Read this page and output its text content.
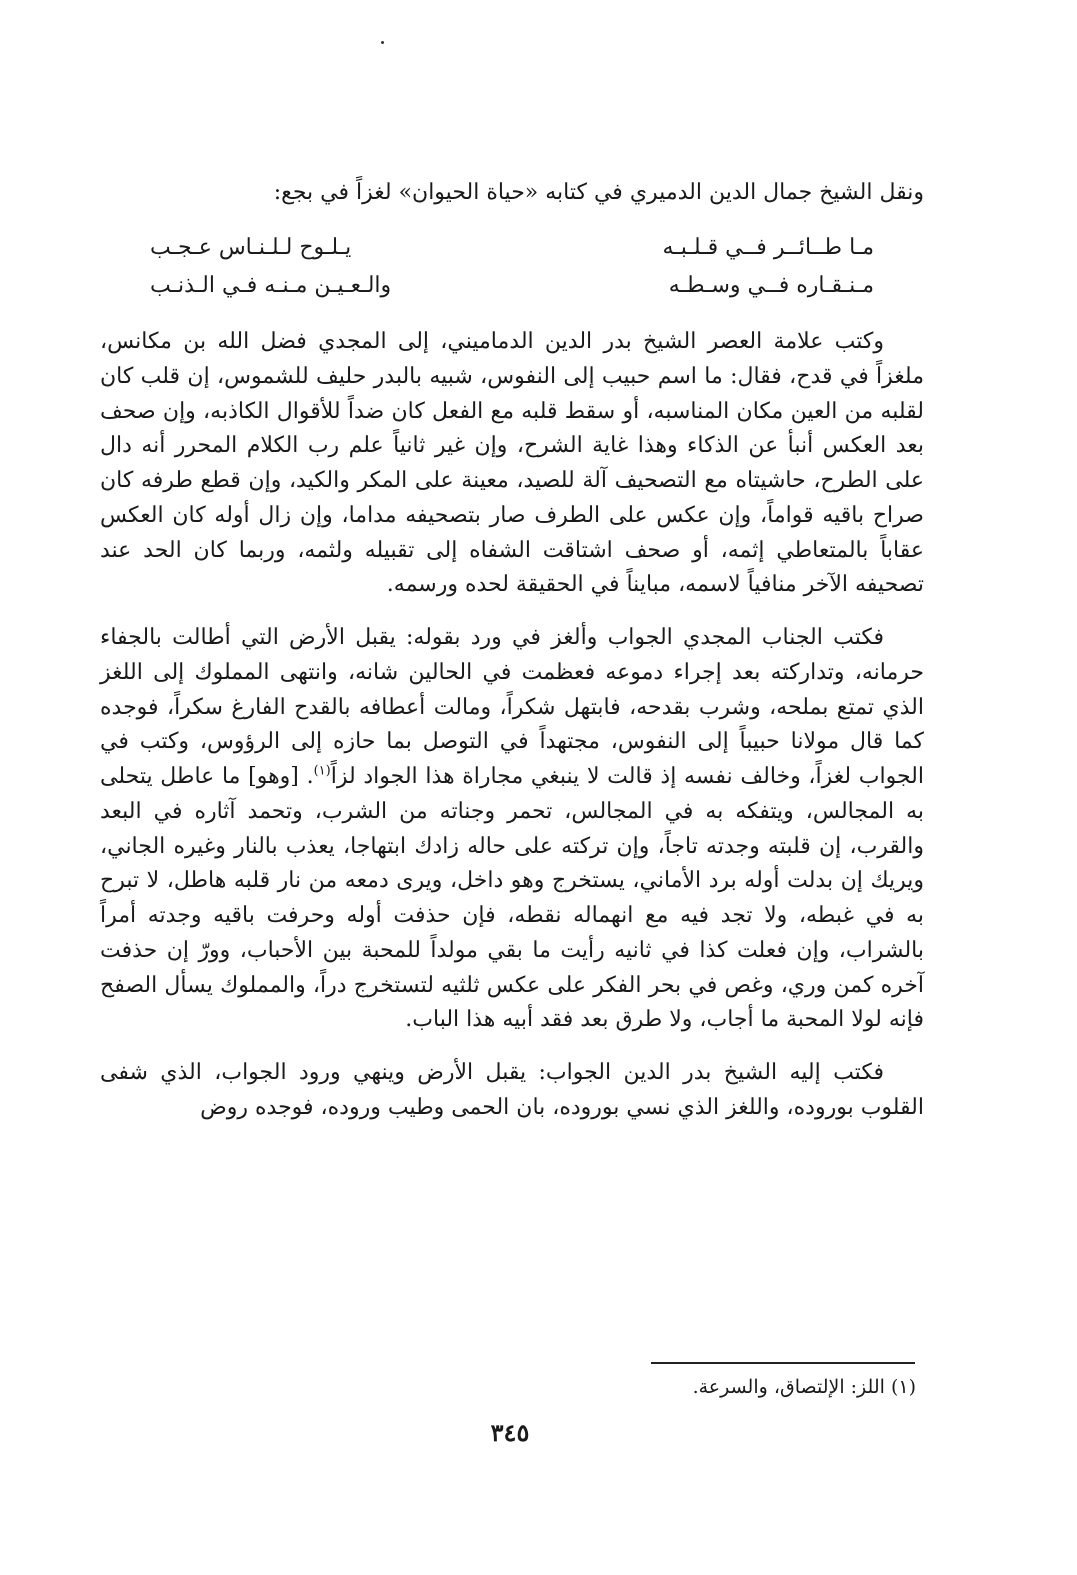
ونقل الشيخ جمال الدين الدميري في كتابه «حياة الحيوان» لغزاً في بجع:
مـا طــائــر فــي قـلـبـه
يـلـوح لـلـنـاس عـجـب
مـنـقـاره فــي وسـطـه
والـعـيـن مـنـه فـي الـذنـب

وكتب علامة العصر الشيخ بدر الدين الدماميني، إلى المجدي فضل الله بن مكانس، ملغزاً في قدح، فقال: ما اسم حبيب إلى النفوس، شبيه بالبدر حليف للشموس، إن قلب كان لقلبه من العين مكان المناسبه، أو سقط قلبه مع الفعل كان ضداً للأقوال الكاذبه، وإن صحف بعد العكس أنبأ عن الذكاء وهذا غاية الشرح، وإن غير ثانياً علم رب الكلام المحرر أنه دال على الطرح، حاشيتاه مع التصحيف آلة للصيد، معينة على المكر والكيد، وإن قطع طرفه كان صراح باقيه قواماً، وإن عكس على الطرف صار بتصحيفه مداما، وإن زال أوله كان العكس عقاباً بالمتعاطي إثمه، أو صحف اشتاقت الشفاه إلى تقبيله ولثمه، وربما كان الحد عند تصحيفه الآخر منافياً لاسمه، مبايناً في الحقيقة لحده ورسمه.

فكتب الجناب المجدي الجواب وألغز في ورد بقوله: يقبل الأرض التي أطالت بالجفاء حرمانه، وتداركته بعد إجراء دموعه فعظمت في الحالين شانه، وانتهى المملوك إلى اللغز الذي تمتع بملحه، وشرب بقدحه، فابتهل شكراً، ومالت أعطافه بالقدح الفارغ سكراً، فوجده كما قال مولانا حبيباً إلى النفوس، مجتهداً في التوصل بما حازه إلى الرؤوس، وكتب في الجواب لغزاً، وخالف نفسه إذ قالت لا ينبغي مجاراة هذا الجواد لزاً$^{(١)}$. [وهو] ما عاطل يتحلى به المجالس، ويتفكه به في المجالس، تحمر وجناته من الشرب، وتحمد آثاره في البعد والقرب، إن قلبته وجدته تاجاً، وإن تركته على حاله زادك ابتهاجا، يعذب بالنار وغيره الجاني، ويريك إن بدلت أوله برد الأماني، يستخرج وهو داخل، ويرى دمعه من نار قلبه هاطل، لا تبرح به في غبطه، ولا تجد فيه مع انهماله نقطه، فإن حذفت أوله وحرفت باقيه وجدته أمراً بالشراب، وإن فعلت كذا في ثانيه رأيت ما بقي مولداً للمحبة بين الأحباب، وورّ إن حذفت آخره كمن وري، وغص في بحر الفكر على عكس ثلثيه لتستخرج دراً، والمملوك يسأل الصفح فإنه لولا المحبة ما أجاب، ولا طرق بعد فقد أبيه هذا الباب.

فكتب إليه الشيخ بدر الدين الجواب: يقبل الأرض وينهي ورود الجواب، الذي شفى القلوب بوروده، واللغز الذي نسي بوروده، بان الحمى وطيب وروده، فوجده روض

(١) اللز: الإلتصاق، والسرعة.
٣٤٥
